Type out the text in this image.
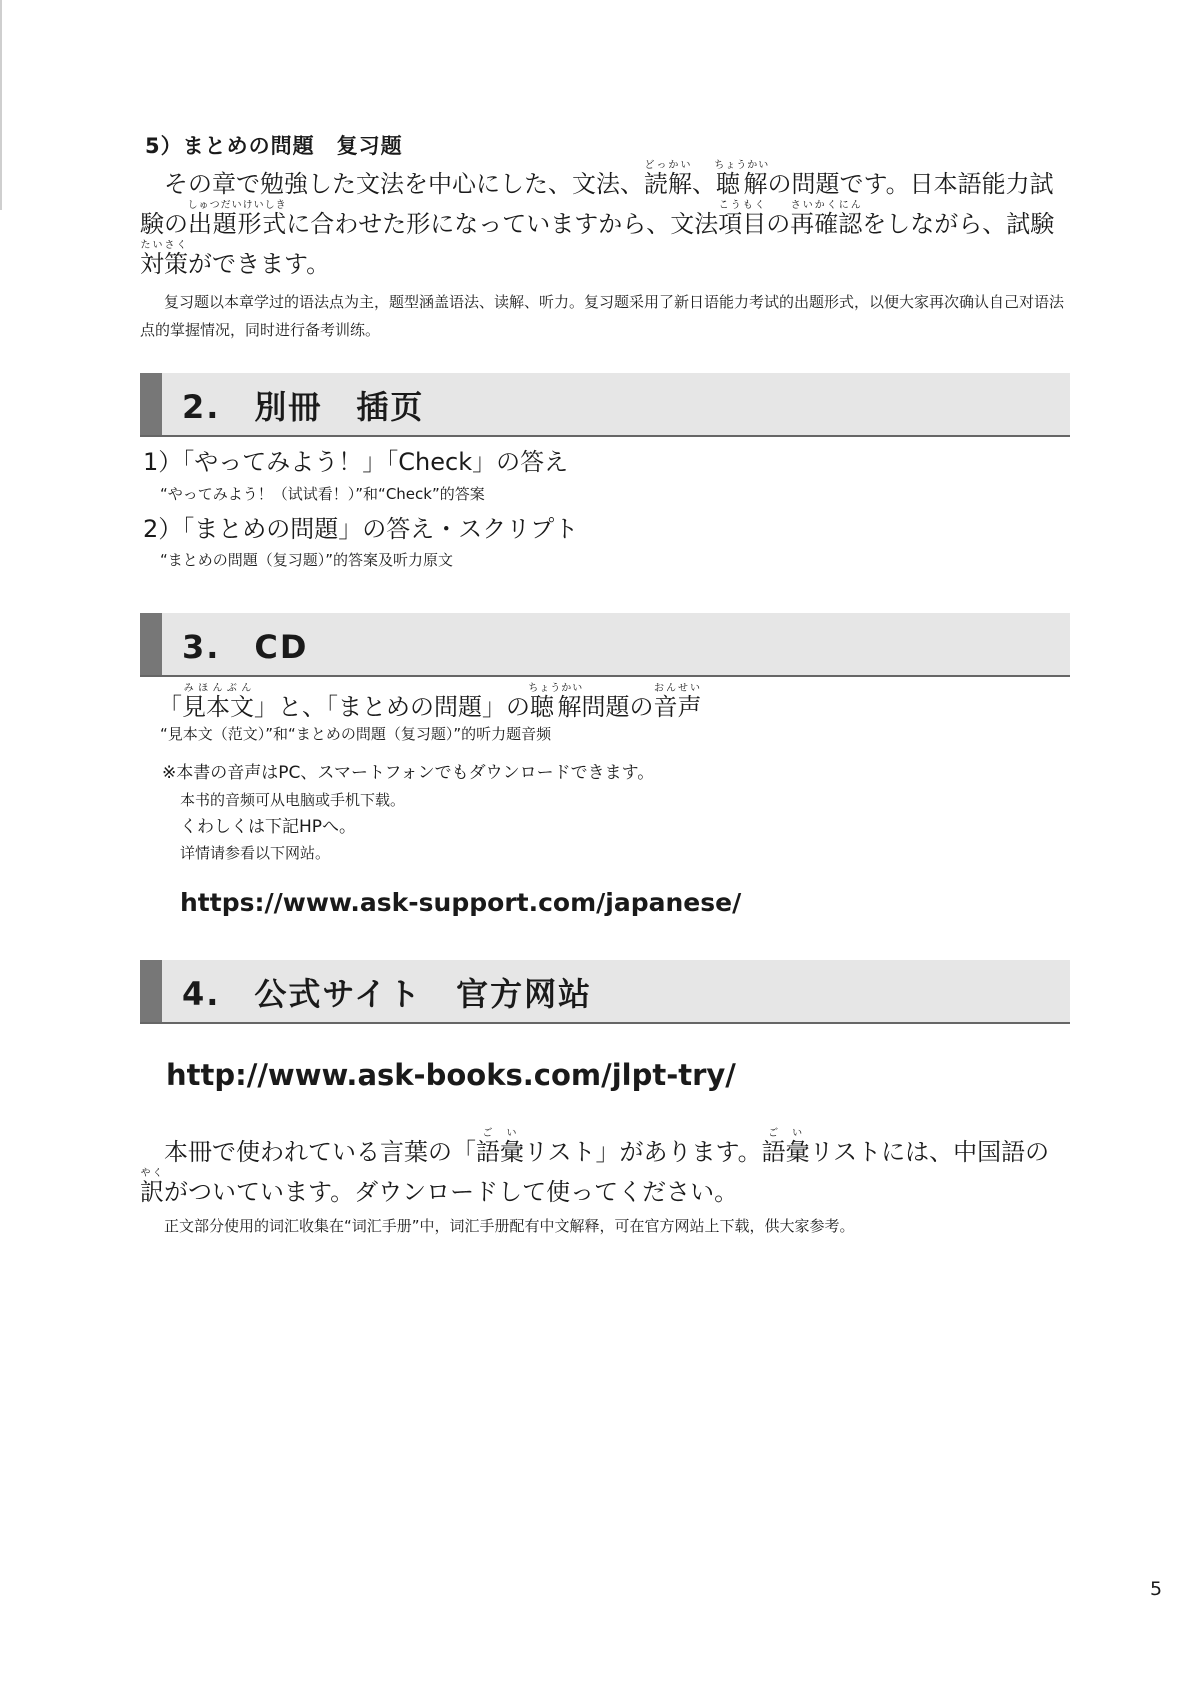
5）まとめの問題　复习题

その章で勉強した文法を中心にした、文法、読解どっかい、聴解ちょうかいの問題です。日本語能力試験の出題形式しゅつだいけいしきに合わせた形になっていますから、文法項目こうもくの再確認さいかくにんをしながら、試験対策たいさくができます。

复习题以本章学过的语法点为主，题型涵盖语法、读解、听力。复习题采用了新日语能力考试的出题形式，以便大家再次确认自己对语法点的掌握情况，同时进行备考训练。

2.　別冊　插页
1）「やってみよう！」「Check」の答え
“やってみよう！（试试看！）”和“Check”的答案
2）「まとめの問題」の答え・スクリプト
“まとめの問題（复习题）”的答案及听力原文
3.　CD
「見本文みほんぶん」と、「まとめの問題」の聴解ちょうかい問題の音声おんせい
“見本文（范文）”和“まとめの問題（复习题）”的听力题音频
※本書の音声はPC、スマートフォンでもダウンロードできます。
本书的音频可从电脑或手机下载。
くわしくは下記HPへ。
详情请参看以下网站。
https://www.ask-support.com/japanese/
4.　公式サイト　官方网站
http://www.ask-books.com/jlpt-try/

本冊で使われている言葉の「語彙ごいリスト」があります。語彙ごいリストには、中国語の訳やくがついています。ダウンロードして使ってください。

正文部分使用的词汇收集在“词汇手册”中，词汇手册配有中文解释，可在官方网站上下载，供大家参考。

5
